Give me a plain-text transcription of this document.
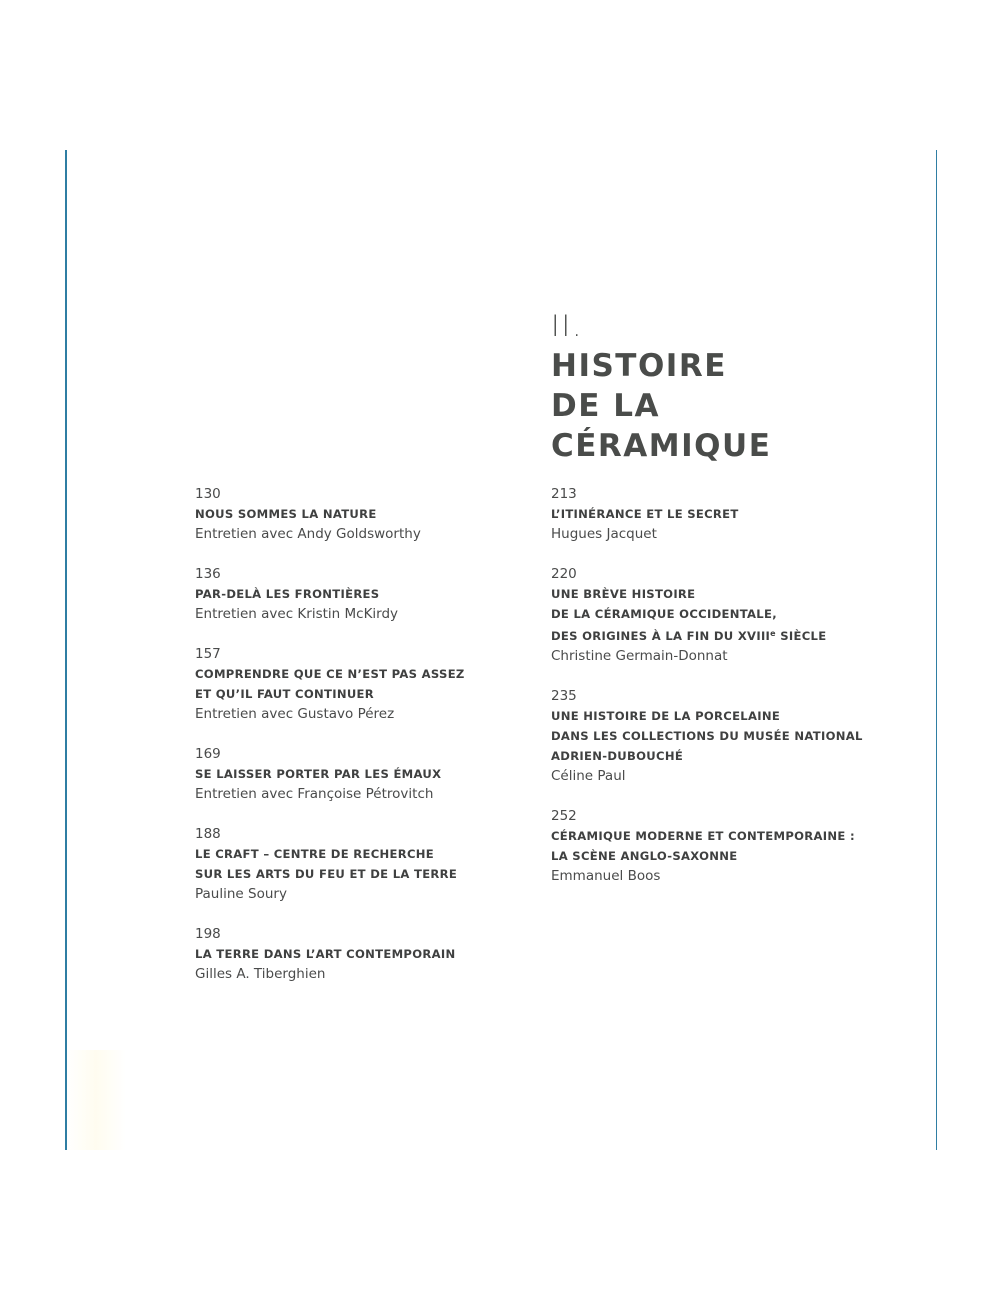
II.
HISTOIRE
DE LA
CÉRAMIQUE
130
NOUS SOMMES LA NATURE
Entretien avec Andy Goldsworthy
136
PAR-DELÀ LES FRONTIÈRES
Entretien avec Kristin McKirdy
157
COMPRENDRE QUE CE N’EST PAS ASSEZ
ET QU’IL FAUT CONTINUER
Entretien avec Gustavo Pérez
169
SE LAISSER PORTER PAR LES ÉMAUX
Entretien avec Françoise Pétrovitch
188
LE CRAFT – CENTRE DE RECHERCHE
SUR LES ARTS DU FEU ET DE LA TERRE
Pauline Soury
198
LA TERRE DANS L’ART CONTEMPORAIN
Gilles A. Tiberghien
213
L’ITINÉRANCE ET LE SECRET
Hugues Jacquet
220
UNE BRÈVE HISTOIRE
DE LA CÉRAMIQUE OCCIDENTALE,
DES ORIGINES À LA FIN DU XVIIIe SIÈCLE
Christine Germain-Donnat
235
UNE HISTOIRE DE LA PORCELAINE
DANS LES COLLECTIONS DU MUSÉE NATIONAL
ADRIEN-DUBOUCHÉ
Céline Paul
252
CÉRAMIQUE MODERNE ET CONTEMPORAINE :
LA SCÈNE ANGLO-SAXONNE
Emmanuel Boos
